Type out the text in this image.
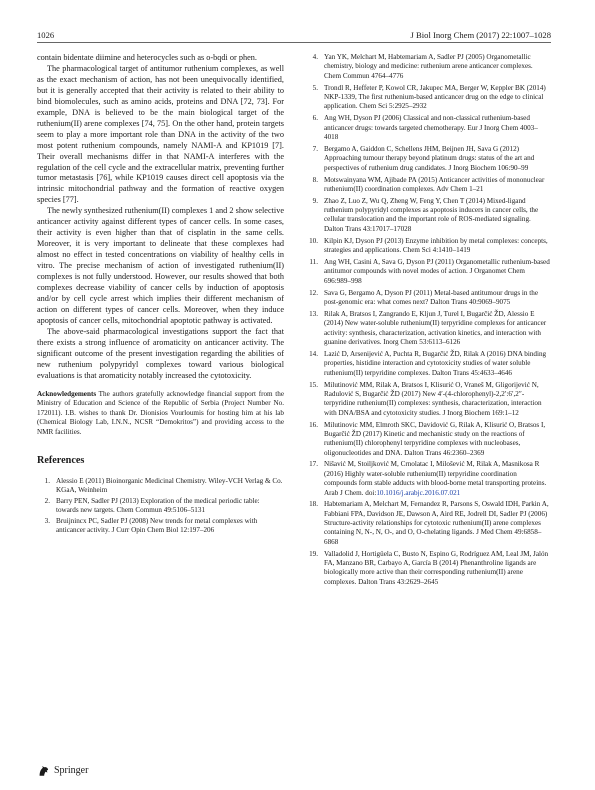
1026	J Biol Inorg Chem (2017) 22:1007–1028

contain bidentate diimine and heterocycles such as o-bqdi or phen.

The pharmacological target of antitumor ruthenium complexes, as well as the exact mechanism of action, has not been unequivocally identified, but it is generally accepted that their activity is related to their ability to bind biomolecules, such as amino acids, proteins and DNA [72, 73]. For example, DNA is believed to be the main biological target of the ruthenium(II) arene complexes [74, 75]. On the other hand, protein targets seem to play a more important role than DNA in the activity of the two most potent ruthenium compounds, namely NAMI-A and KP1019 [7]. Their overall mechanisms differ in that NAMI-A interferes with the regulation of the cell cycle and the extracellular matrix, preventing further tumor metastasis [76], while KP1019 causes direct cell apoptosis via the intrinsic mitochondrial pathway and the formation of reactive oxygen species [77].

The newly synthesized ruthenium(II) complexes 1 and 2 show selective anticancer activity against different types of cancer cells. In some cases, their activity is even higher than that of cisplatin in the same cells. Moreover, it is very important to delineate that these complexes had almost no effect in tested concentrations on viability of healthy cells in vitro. The precise mechanism of action of investigated ruthenium(II) complexes is not fully understood. However, our results showed that both complexes decrease viability of cancer cells by induction of apoptosis and/or by cell cycle arrest which implies their different mechanism of action on different types of cancer cells. Moreover, when they induce apoptosis of cancer cells, mitochondrial apoptotic pathway is activated.

The above-said pharmacological investigations support the fact that there exists a strong influence of aromaticity on anticancer activity. The significant outcome of the present investigation regarding the abilities of new ruthenium polypyridyl complexes toward various biological evaluations is that aromaticity notably increased the cytotoxicity.

Acknowledgements The authors gratefully acknowledge financial support from the Ministry of Education and Science of the Republic of Serbia (Project Number No. 172011). I.B. wishes to thank Dr. Dionisios Vourloumis for hosting him at his lab (Chemical Biology Lab, I.N.N., NCSR “Demokritos”) and providing access to the NMR facilities.

References
1. Alessio E (2011) Bioinorganic Medicinal Chemistry. Wiley-VCH Verlag & Co. KGaA, Weinheim
2. Barry PEN, Sadler PJ (2013) Exploration of the medical periodic table: towards new targets. Chem Commun 49:5106–5131
3. Bruijnincx PC, Sadler PJ (2008) New trends for metal complexes with anticancer activity. J Curr Opin Chem Biol 12:197–206
4. Yan YK, Melchart M, Habtemariam A, Sadler PJ (2005) Organometallic chemistry, biology and medicine: ruthenium arene anticancer complexes. Chem Commun 4764–4776
5. Trondl R, Heffeter P, Kowol CR, Jakupec MA, Berger W, Keppler BK (2014) NKP-1339, The first ruthenium-based anticancer drug on the edge to clinical application. Chem Sci 5:2925–2932
6. Ang WH, Dyson PJ (2006) Classical and non-classical ruthenium-based anticancer drugs: towards targeted chemotherapy. Eur J Inorg Chem 4003–4018
7. Bergamo A, Gaiddon C, Schellens JHM, Beijnen JH, Sava G (2012) Approaching tumour therapy beyond platinum drugs: status of the art and perspectives of ruthenium drug candidates. J Inorg Biochem 106:90–99
8. Motswainyana WM, Ajibade PA (2015) Anticancer activities of mononuclear ruthenium(II) coordination complexes. Adv Chem 1–21
9. Zhao Z, Luo Z, Wu Q, Zheng W, Feng Y, Chen T (2014) Mixed-ligand ruthenium polypyridyl complexes as apoptosis inducers in cancer cells, the cellular translocation and the important role of ROS-mediated signaling. Dalton Trans 43:17017–17028
10. Kilpin KJ, Dyson PJ (2013) Enzyme inhibition by metal complexes: concepts, strategies and applications. Chem Sci 4:1410–1419
11. Ang WH, Casini A, Sava G, Dyson PJ (2011) Organometallic ruthenium-based antitumor compounds with novel modes of action. J Organomet Chem 696:989–998
12. Sava G, Bergamo A, Dyson PJ (2011) Metal-based antitumour drugs in the post-genomic era: what comes next? Dalton Trans 40:9069–9075
13. Rilak A, Bratsos I, Zangrando E, Kljun J, Turel I, Bugarčić ŽD, Alessio E (2014) New water-soluble ruthenium(II) terpyridine complexes for anticancer activity: synthesis, characterization, activation kinetics, and interaction with guanine derivatives. Inorg Chem 53:6113–6126
14. Lazić D, Arsenijević A, Puchta R, Bugarčić ŽD, Rilak A (2016) DNA binding properties, histidine interaction and cytotoxicity studies of water soluble ruthenium(II) terpyridine complexes. Dalton Trans 45:4633–4646
15. Milutinović MM, Rilak A, Bratsos I, Klisurić O, Vraneš M, Gligorijević N, Radulović S, Bugarčić ŽD (2017) New 4′-(4-chlorophenyl)-2,2′:6′,2″-terpyridine ruthenium(II) complexes: synthesis, characterization, interaction with DNA/BSA and cytotoxicity studies. J Inorg Biochem 169:1–12
16. Milutinovic MM, Elmroth SKC, Davidović G, Rilak A, Klisurić O, Bratsos I, Bugarčić ŽD (2017) Kinetic and mechanistic study on the reactions of ruthenium(II) chlorophenyl terpyridine complexes with nucleobases, oligonucleotides and DNA. Dalton Trans 46:2360–2369
17. Nišavić M, Stoiljković M, Crnolatac I, Milošević M, Rilak A, Masnikosa R (2016) Highly water-soluble ruthenium(II) terpyridine coordination compounds form stable adducts with blood-borne metal transporting proteins. Arab J Chem. doi:10.1016/j.arabjc.2016.07.021
18. Habtemariam A, Melchart M, Fernandez R, Parsons S, Oswald IDH, Parkin A, Fabbiani FPA, Davidson JE, Dawson A, Aird RE, Jodrell DI, Sadler PJ (2006) Structure-activity relationships for cytotoxic ruthenium(II) arene complexes containing N, N-, N, O-, and O, O-chelating ligands. J Med Chem 49:6858–6868
19. Valladolid J, Hortigüela C, Busto N, Espino G, Rodríguez AM, Leal JM, Jalón FA, Manzano BR, Carbayo A, García B (2014) Phenanthroline ligands are biologically more active than their corresponding ruthenium(II) arene complexes. Dalton Trans 43:2629–2645
Springer
